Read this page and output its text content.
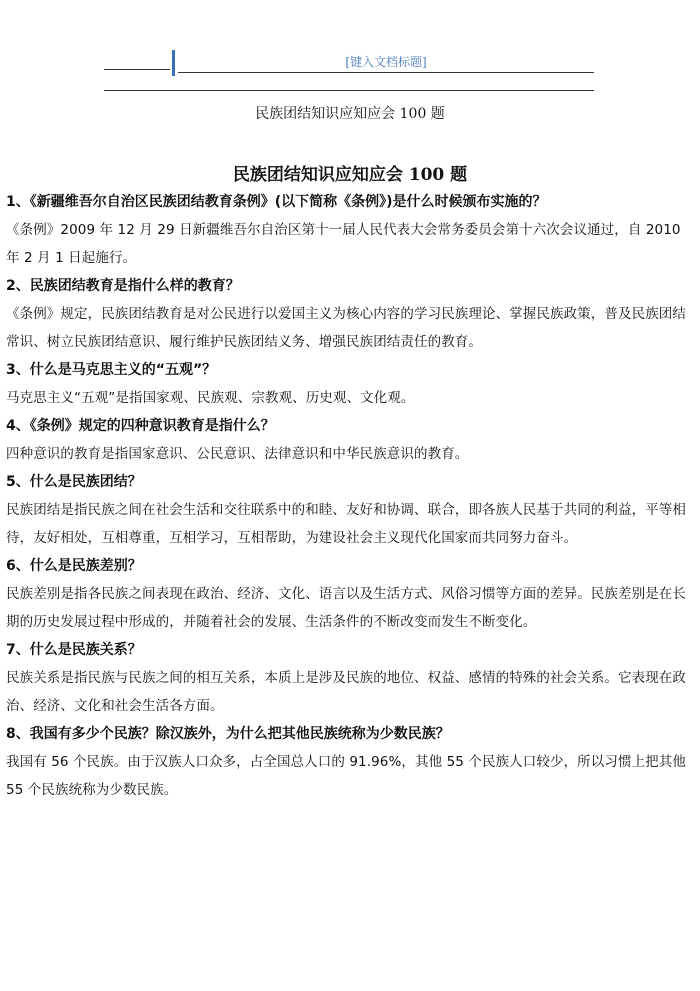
[键入文档标题]
民族团结知识应知应会 100 题
民族团结知识应知应会 100 题

1、《新疆维吾尔自治区民族团结教育条例》(以下简称《条例》)是什么时候颁布实施的？

《条例》2009 年 12 月 29 日新疆维吾尔自治区第十一届人民代表大会常务委员会第十六次会议通过，自 2010 年 2 月 1 日起施行。

2、民族团结教育是指什么样的教育？

《条例》规定，民族团结教育是对公民进行以爱国主义为核心内容的学习民族理论、掌握民族政策，普及民族团结常识、树立民族团结意识、履行维护民族团结义务、增强民族团结责任的教育。

3、什么是马克思主义的“五观”？

马克思主义“五观”是指国家观、民族观、宗教观、历史观、文化观。

4、《条例》规定的四种意识教育是指什么？

四种意识的教育是指国家意识、公民意识、法律意识和中华民族意识的教育。

5、什么是民族团结？

民族团结是指民族之间在社会生活和交往联系中的和睦、友好和协调、联合，即各族人民基于共同的利益，平等相待，友好相处，互相尊重，互相学习，互相帮助，为建设社会主义现代化国家而共同努力奋斗。

6、什么是民族差别？

民族差别是指各民族之间表现在政治、经济、文化、语言以及生活方式、风俗习惯等方面的差异。民族差别是在长期的历史发展过程中形成的，并随着社会的发展、生活条件的不断改变而发生不断变化。

7、什么是民族关系？

民族关系是指民族与民族之间的相互关系，本质上是涉及民族的地位、权益、感情的特殊的社会关系。它表现在政治、经济、文化和社会生活各方面。

8、我国有多少个民族？除汉族外，为什么把其他民族统称为少数民族？

我国有 56 个民族。由于汉族人口众多，占全国总人口的 91.96%，其他 55 个民族人口较少，所以习惯上把其他 55 个民族统称为少数民族。
